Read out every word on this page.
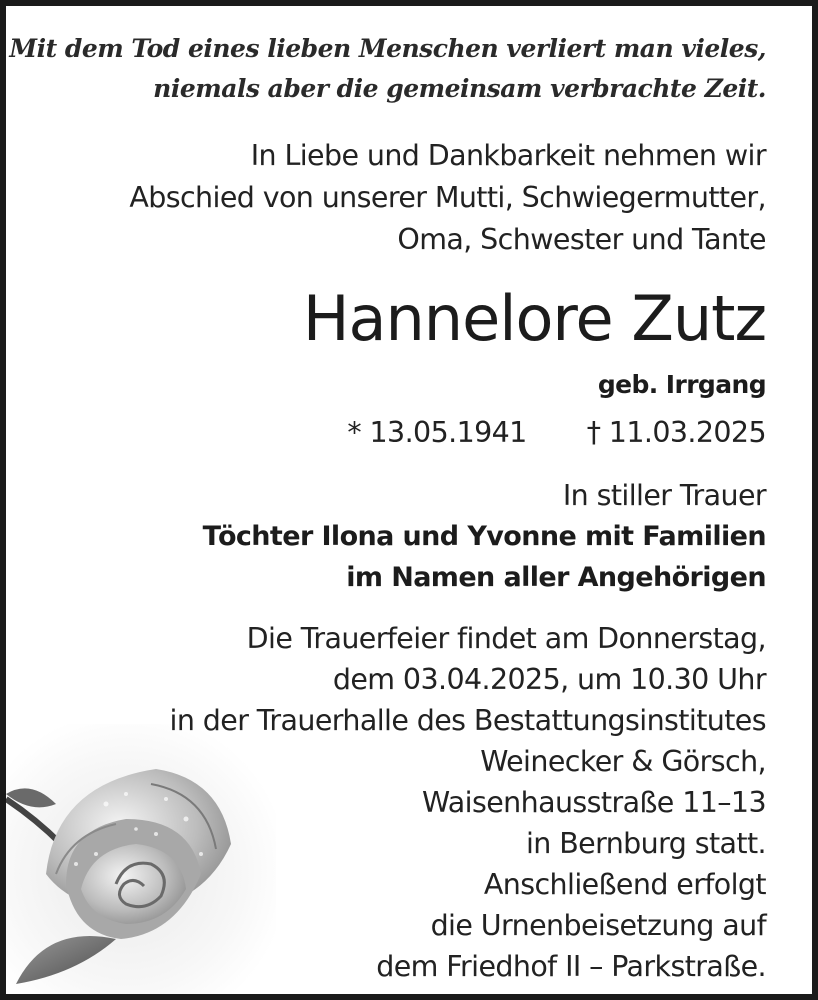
Mit dem Tod eines lieben Menschen verliert man vieles,
niemals aber die gemeinsam verbrachte Zeit.
In Liebe und Dankbarkeit nehmen wir
Abschied von unserer Mutti, Schwiegermutter,
Oma, Schwester und Tante
Hannelore Zutz
geb. Irrgang
* 13.05.1941 † 11.03.2025
In stiller Trauer
Töchter Ilona und Yvonne mit Familien
im Namen aller Angehörigen
Die Trauerfeier findet am Donnerstag,
dem 03.04.2025, um 10.30 Uhr
in der Trauerhalle des Bestattungsinstitutes
Weinecker & Görsch,
Waisenhausstraße 11–13
in Bernburg statt.
Anschließend erfolgt
die Urnenbeisetzung auf
dem Friedhof II – Parkstraße.
